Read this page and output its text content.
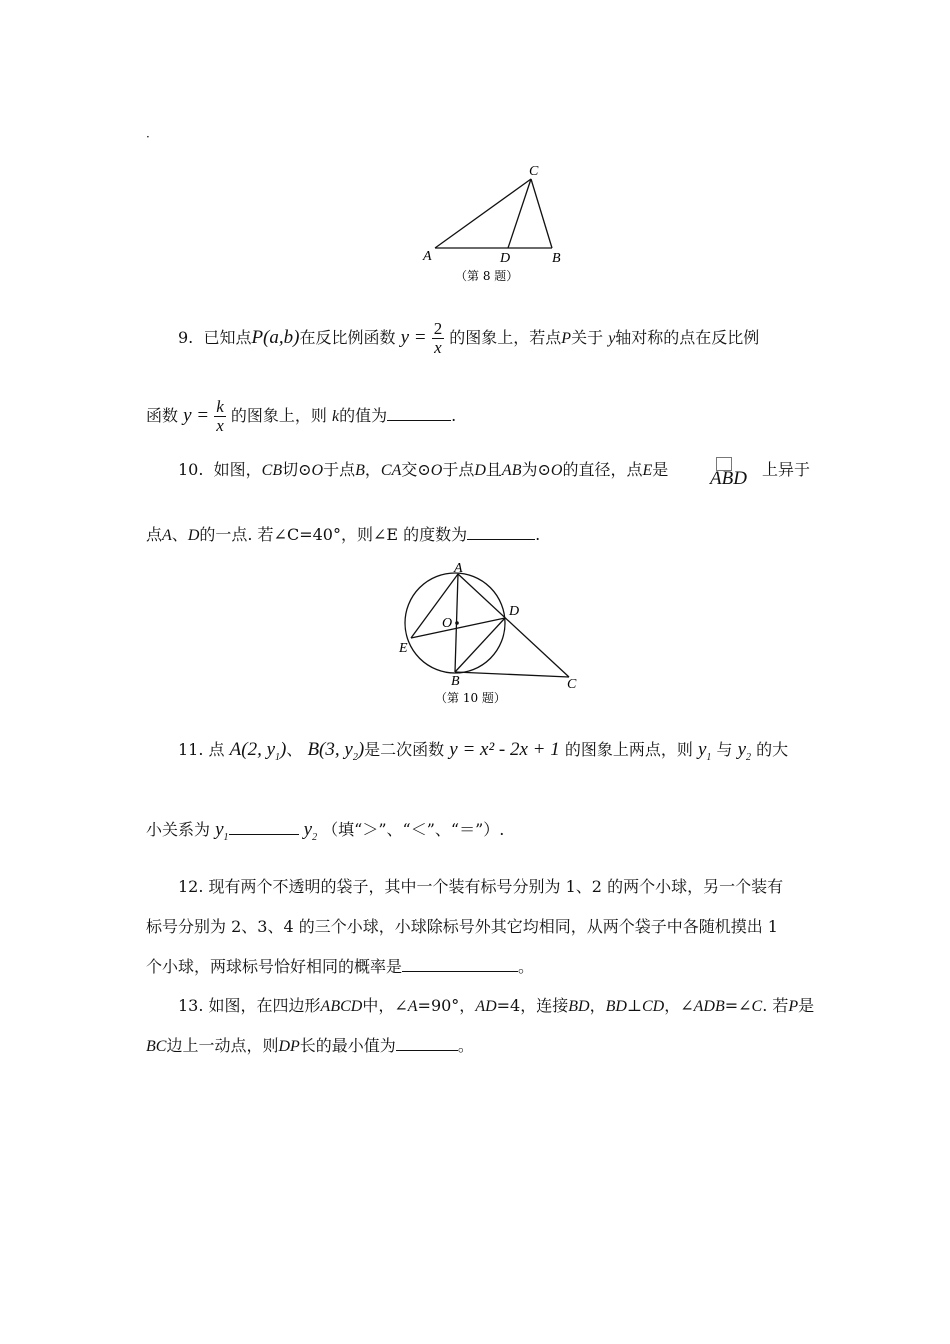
·
A
C
D	B
（第 8 题）
9. 已知点P(a,b)在反比例函数 $y = \frac{2}{x}$ 的图象上，若点P关于 y轴对称的点在反比例
函数 $y = \frac{k}{x}$ 的图象上，则 k的值为	.
10. 如图，CB切⊙O于点B，CA交⊙O于点D且AB为⊙O的直径，点E是 ABD 上异于
点A、D的一点. 若∠C=40°，则∠E 的度数为	.
A
D
O
E
B	C
（第 10 题）
11. 点 A(2, $y_1$)、 B(3, $y_2$)是二次函数 y = x² - 2x + 1 的图象上两点，则 $y_1$ 与 $y_2$ 的大
小关系为 $y_1$	$y_2$ （填“＞”、“＜”、“＝”）.
12. 现有两个不透明的袋子，其中一个装有标号分别为 1、2 的两个小球，另一个装有
标号分别为 2、3、4 的三个小球，小球除标号外其它均相同，从两个袋子中各随机摸出 1
个小球，两球标号恰好相同的概率是	。
13. 如图，在四边形ABCD中，∠A=90°，AD=4，连接BD，BD⊥CD，∠ADB=∠C. 若P是
BC边上一动点，则DP长的最小值为	。
